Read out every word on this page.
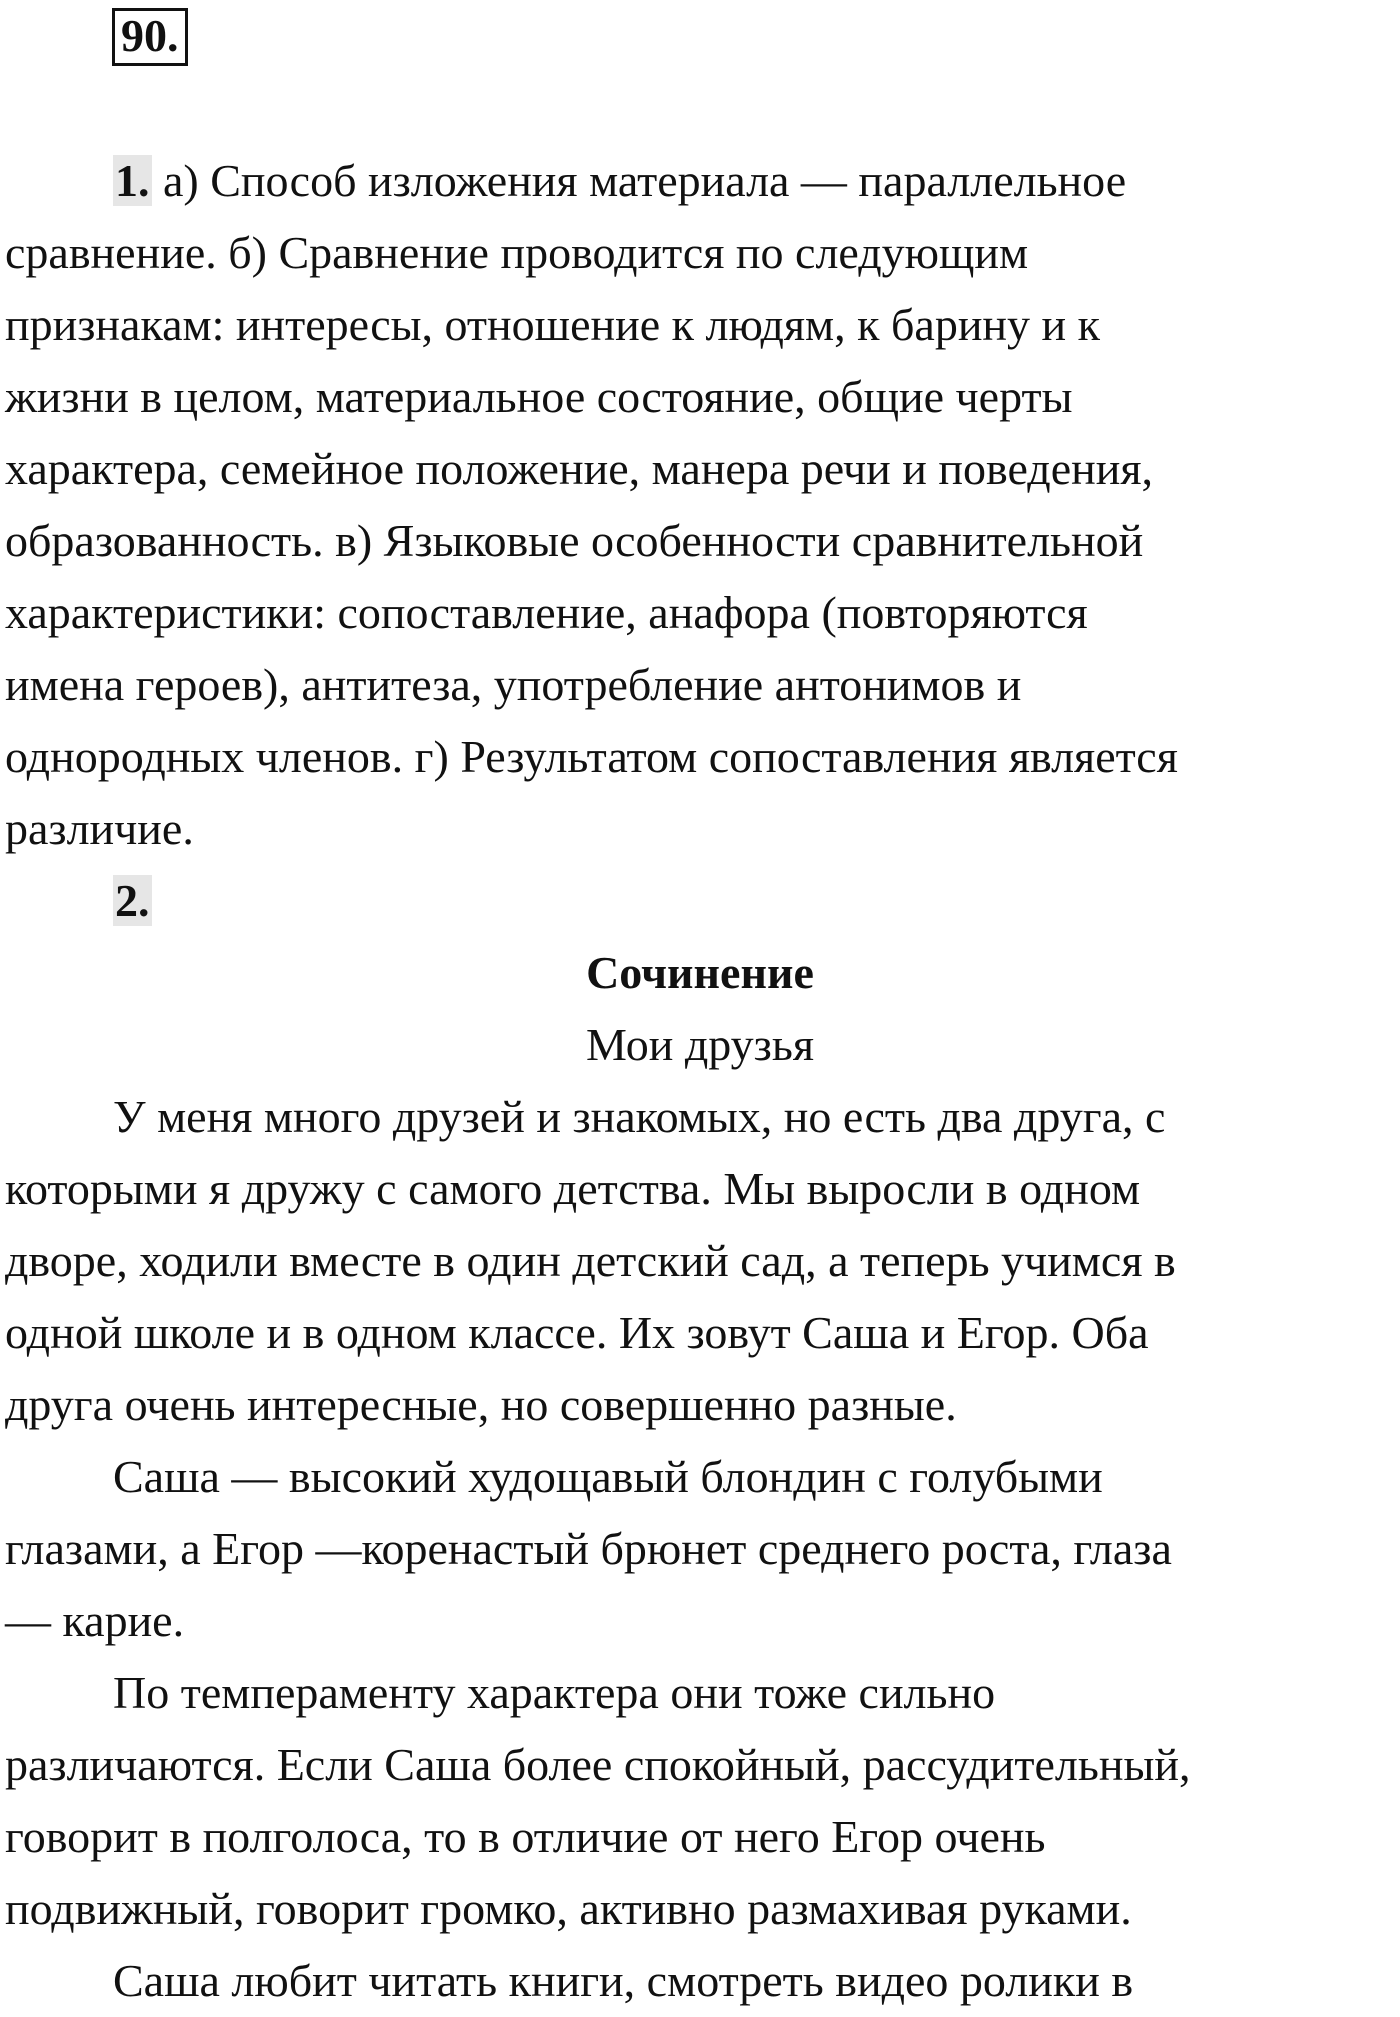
90.
1. а) Способ изложения материала — параллельное
сравнение. б) Сравнение проводится по следующим
признакам: интересы, отношение к людям, к барину и к
жизни в целом, материальное состояние, общие черты
характера, семейное положение, манера речи и поведения,
образованность. в) Языковые особенности сравнительной
характеристики: сопоставление, анафора (повторяются
имена героев), антитеза, употребление антонимов и
однородных членов. г) Результатом сопоставления является
различие.
2.
Сочинение
Мои друзья
У меня много друзей и знакомых, но есть два друга, с
которыми я дружу с самого детства. Мы выросли в одном
дворе, ходили вместе в один детский сад, а теперь учимся в
одной школе и в одном классе. Их зовут Саша и Егор. Оба
друга очень интересные, но совершенно разные.
Саша — высокий худощавый блондин с голубыми
глазами, а Егор —коренастый брюнет среднего роста, глаза
— карие.
По темпераменту характера они тоже сильно
различаются. Если Саша более спокойный, рассудительный,
говорит в полголоса, то в отличие от него Егор очень
подвижный, говорит громко, активно размахивая руками.
Саша любит читать книги, смотреть видео ролики в
